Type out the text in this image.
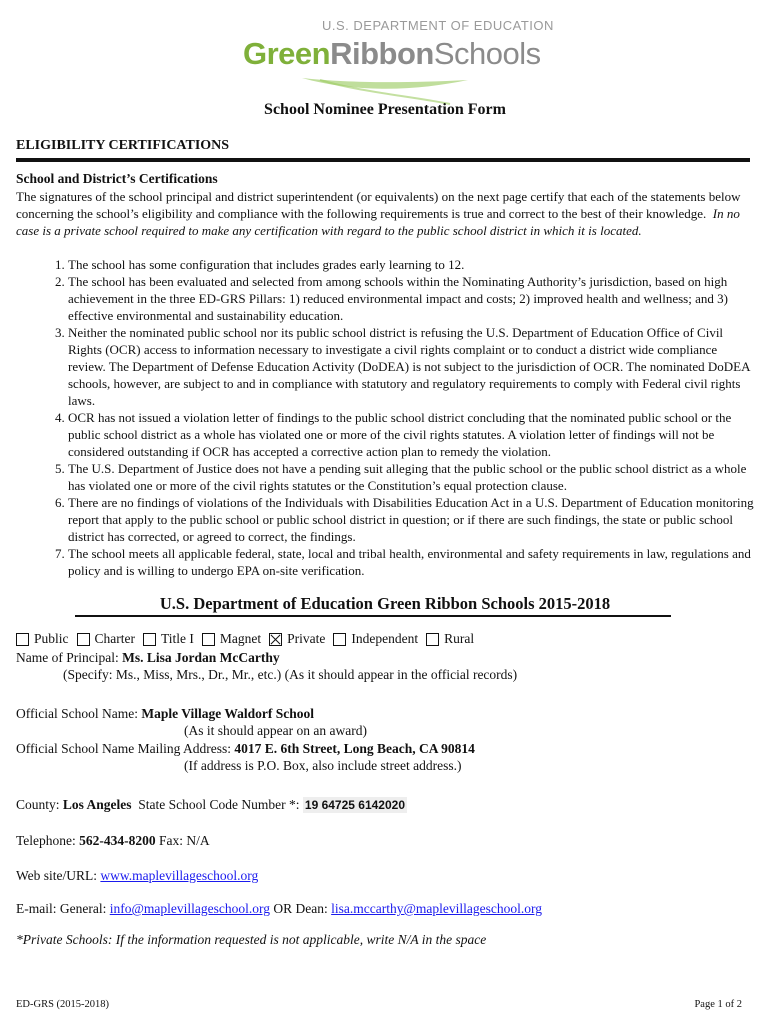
U.S. DEPARTMENT OF EDUCATION
GreenRibbonSchools
School Nominee Presentation Form
ELIGIBILITY CERTIFICATIONS
School and District’s Certifications
The signatures of the school principal and district superintendent (or equivalents) on the next page certify that each of the statements below concerning the school’s eligibility and compliance with the following requirements is true and correct to the best of their knowledge. In no case is a private school required to make any certification with regard to the public school district in which it is located.
1. The school has some configuration that includes grades early learning to 12.
2. The school has been evaluated and selected from among schools within the Nominating Authority’s jurisdiction, based on high achievement in the three ED-GRS Pillars: 1) reduced environmental impact and costs; 2) improved health and wellness; and 3) effective environmental and sustainability education.
3. Neither the nominated public school nor its public school district is refusing the U.S. Department of Education Office of Civil Rights (OCR) access to information necessary to investigate a civil rights complaint or to conduct a district wide compliance review. The Department of Defense Education Activity (DoDEA) is not subject to the jurisdiction of OCR. The nominated DoDEA schools, however, are subject to and in compliance with statutory and regulatory requirements to comply with Federal civil rights laws.
4. OCR has not issued a violation letter of findings to the public school district concluding that the nominated public school or the public school district as a whole has violated one or more of the civil rights statutes. A violation letter of findings will not be considered outstanding if OCR has accepted a corrective action plan to remedy the violation.
5. The U.S. Department of Justice does not have a pending suit alleging that the public school or the public school district as a whole has violated one or more of the civil rights statutes or the Constitution’s equal protection clause.
6. There are no findings of violations of the Individuals with Disabilities Education Act in a U.S. Department of Education monitoring report that apply to the public school or public school district in question; or if there are such findings, the state or public school district has corrected, or agreed to correct, the findings.
7. The school meets all applicable federal, state, local and tribal health, environmental and safety requirements in law, regulations and policy and is willing to undergo EPA on-site verification.
U.S. Department of Education Green Ribbon Schools 2015-2018
Public Charter Title I Magnet Private Independent Rural
Name of Principal: Ms. Lisa Jordan McCarthy
(Specify: Ms., Miss, Mrs., Dr., Mr., etc.) (As it should appear in the official records)
Official School Name: Maple Village Waldorf School
(As it should appear on an award)
Official School Name Mailing Address: 4017 E. 6th Street, Long Beach, CA 90814
(If address is P.O. Box, also include street address.)
County: Los Angeles  State School Code Number *: 19 64725 6142020
Telephone: 562-434-8200 Fax: N/A
Web site/URL: www.maplevillageschool.org
E-mail: General: info@maplevillageschool.org OR Dean: lisa.mccarthy@maplevillageschool.org
*Private Schools: If the information requested is not applicable, write N/A in the space
ED-GRS (2015-2018)	Page 1 of 2
